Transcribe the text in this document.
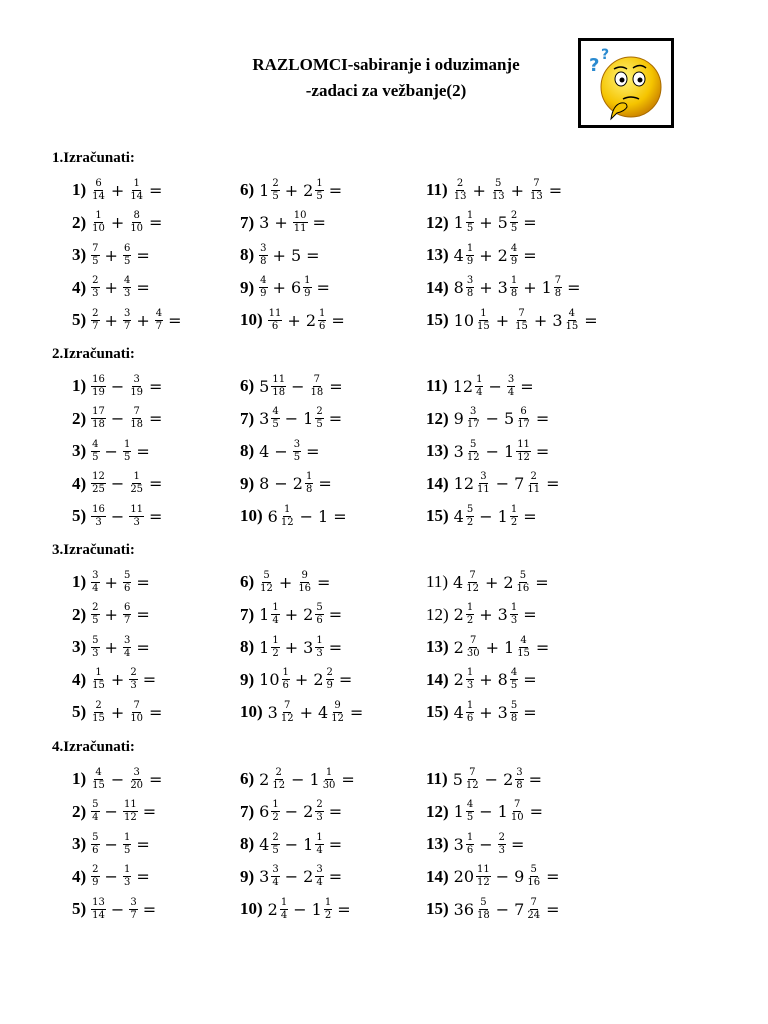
RAZLOMCI-sabiranje i oduzimanje
-zadaci za vežbanje(2)
? ?
1.Izračunati:
$1) \frac{6}{14} + \frac{1}{14}$ =
$2) \frac{1}{10} + \frac{8}{10}$ =
$3) \frac{7}{5} + \frac{6}{5}$ =
$4) \frac{2}{3} + \frac{4}{3}$ =
$5) \frac{2}{7} + \frac{3}{7} + \frac{4}{7}$ =
6) $1 \frac{2}{5} + 2 \frac{1}{5}$ =
7) $3 + \frac{10}{11}$ =
$8) \frac{3}{8} + 5$ =
$9) \frac{4}{9} + 6 \frac{1}{9}$ =
$10) \frac{11}{6} + 2 \frac{1}{6}$ =
$11) \frac{2}{13} + \frac{5}{13} + \frac{7}{13}$ =
12) $1 \frac{1}{5} + 5 \frac{2}{5}$ =
13) $4 \frac{1}{9} + 2 \frac{4}{9}$ =
14) $8 \frac{3}{8} + 3 \frac{1}{8} + 1 \frac{7}{8}$ =
15) $10 \frac{1}{15} + \frac{7}{15} + 3 \frac{4}{15}$ =
2.Izračunati:
$1) \frac{16}{19} - \frac{3}{19}$ =
$2) \frac{17}{18} - \frac{7}{18}$ =
$3) \frac{4}{5} - \frac{1}{5}$ =
$4) \frac{12}{25} - \frac{1}{25}$ =
$5) \frac{16}{3} - \frac{11}{3}$ =
6) $5 \frac{11}{18} - \frac{7}{18}$ =
7) $3 \frac{4}{5} - 1 \frac{2}{5}$ =
8) $4 - \frac{3}{5}$ =
9) $8 - 2 \frac{1}{8}$ =
10) $6 \frac{1}{12} - 1$ =
11) $12 \frac{1}{4} - \frac{3}{4}$ =
12) $9 \frac{3}{17} - 5 \frac{6}{17}$ =
13) $3 \frac{5}{12} - 1 \frac{11}{12}$ =
14) $12 \frac{3}{11} - 7 \frac{2}{11}$ =
15) $4 \frac{5}{2} - 1 \frac{1}{2}$ =
3.Izračunati:
$1) \frac{3}{4} + \frac{5}{6}$ =
$2) \frac{2}{5} + \frac{6}{7}$ =
$3) \frac{5}{3} + \frac{3}{4}$ =
$4) \frac{1}{15} + \frac{2}{3}$ =
$5) \frac{2}{15} + \frac{7}{10}$ =
$6) \frac{5}{12} + \frac{9}{16}$ =
7) $1 \frac{1}{4} + 2 \frac{5}{6}$ =
8) $1 \frac{1}{2} + 3 \frac{1}{3}$ =
9) $10 \frac{1}{6} + 2 \frac{2}{9}$ =
10) $3 \frac{7}{12} + 4 \frac{9}{12}$ =
11) $4 \frac{7}{12} + 2 \frac{5}{16}$ =
12) $2 \frac{1}{2} + 3 \frac{1}{3}$ =
13) $2 \frac{7}{30} + 1 \frac{4}{15}$ =
14) $2 \frac{1}{3} + 8 \frac{4}{5}$ =
15) $4 \frac{1}{6} + 3 \frac{5}{8}$ =
4.Izračunati:
$1) \frac{4}{15} - \frac{3}{20}$ =
$2) \frac{5}{4} - \frac{11}{12}$ =
$3) \frac{5}{6} - \frac{1}{5}$ =
$4) \frac{2}{9} - \frac{1}{3}$ =
$5) \frac{13}{14} - \frac{3}{7}$ =
6) $2 \frac{2}{12} - 1 \frac{1}{30}$ =
7) $6 \frac{1}{2} - 2 \frac{2}{3}$ =
8) $4 \frac{2}{5} - 1 \frac{1}{4}$ =
9) $3 \frac{3}{4} - 2 \frac{3}{4}$ =
10) $2 \frac{1}{4} - 1 \frac{1}{2}$ =
11) $5 \frac{7}{12} - 2 \frac{3}{8}$ =
12) $1 \frac{4}{5} - 1 \frac{7}{10}$ =
13) $3 \frac{1}{6} - \frac{2}{3}$ =
14) $20 \frac{11}{12} - 9 \frac{5}{16}$ =
15) $36 \frac{5}{18} - 7 \frac{7}{24}$ =
